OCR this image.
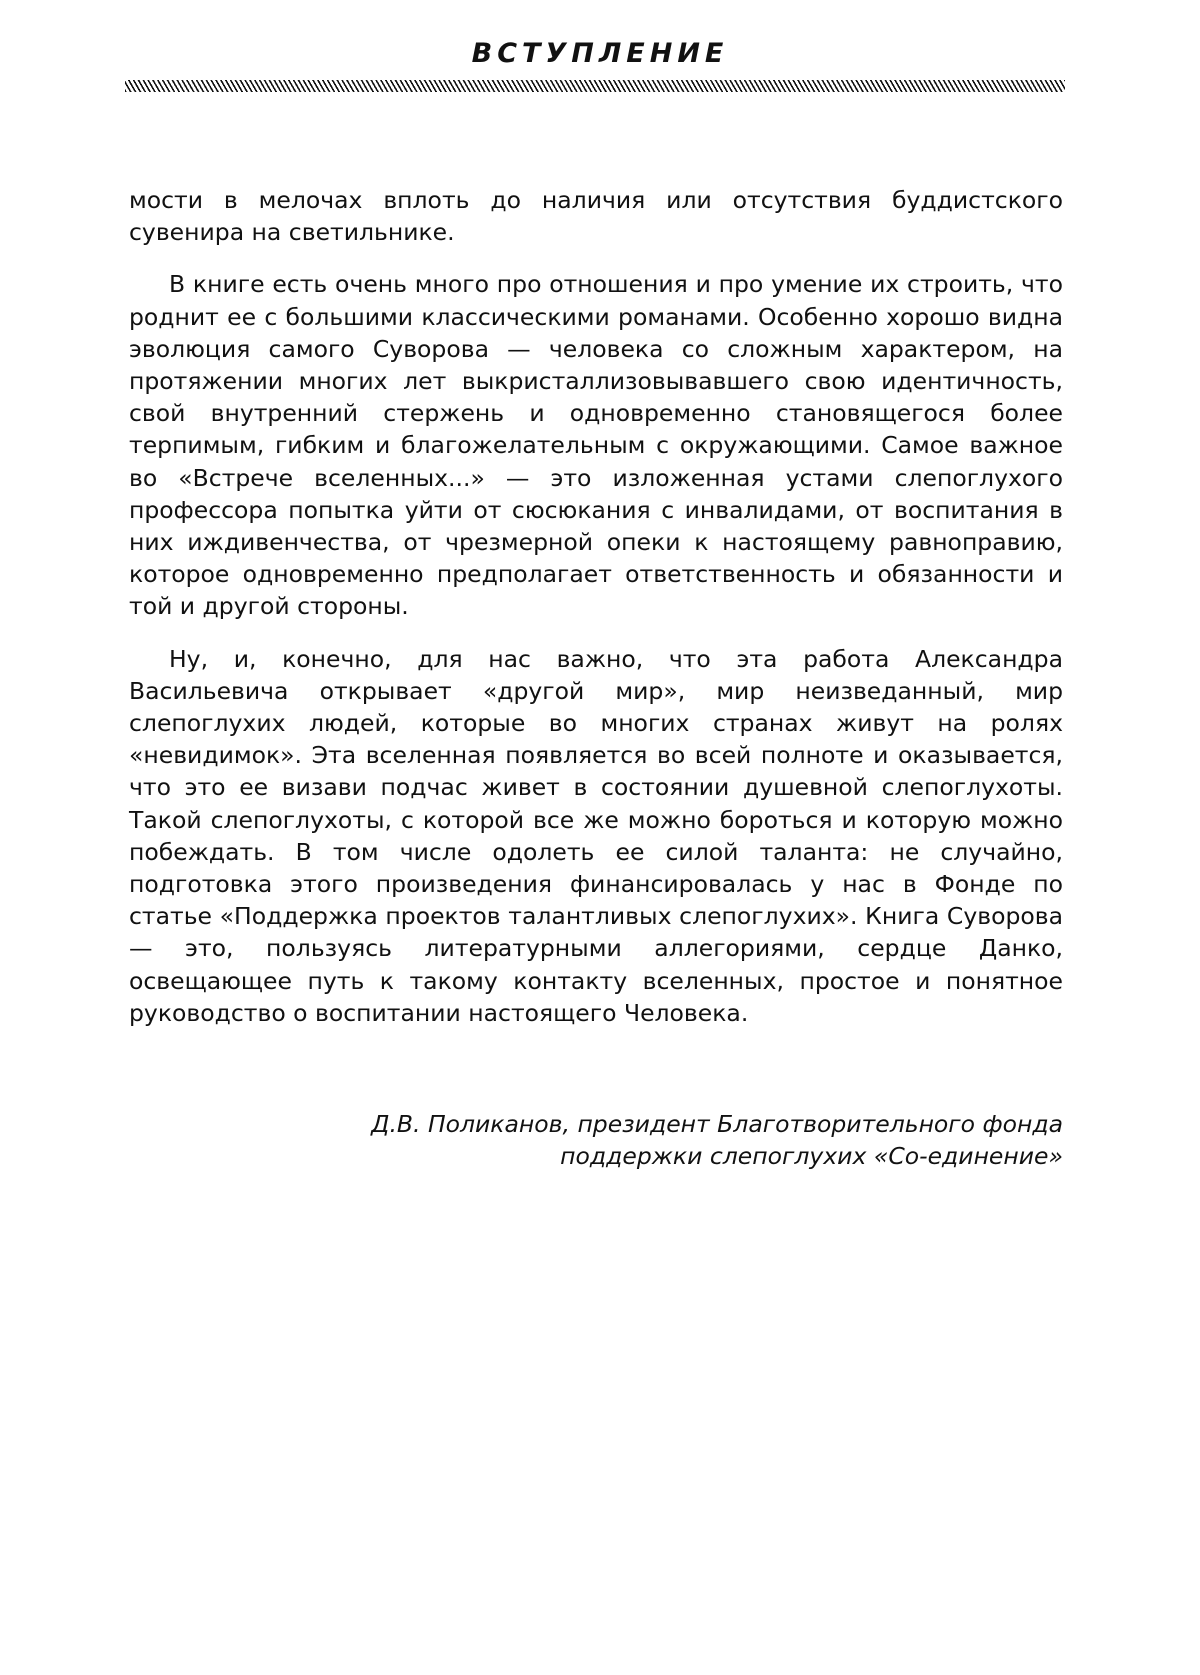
ВСТУПЛЕНИЕ

мости в мелочах вплоть до наличия или отсутствия буддистского сувенира на светильнике.

В книге есть очень много про отношения и про умение их строить, что роднит ее с большими классическими романами. Особенно хорошо видна эволюция самого Суворова — человека со сложным характером, на протяжении многих лет выкристаллизовывавшего свою идентичность, свой внутренний стержень и одновременно становящегося более терпимым, гибким и благожелательным с окружающими. Самое важное во «Встрече вселенных...» — это изложенная устами слепоглухого профессора попытка уйти от сюсюкания с инвалидами, от воспитания в них иждивенчества, от чрезмерной опеки к настоящему равноправию, которое одновременно предполагает ответственность и обязанности и той и другой стороны.

Ну, и, конечно, для нас важно, что эта работа Александра Васильевича открывает «другой мир», мир неизведанный, мир слепоглухих людей, которые во многих странах живут на ролях «невидимок». Эта вселенная появляется во всей полноте и оказывается, что это ее визави подчас живет в состоянии душевной слепоглухоты. Такой слепоглухоты, с которой все же можно бороться и которую можно побеждать. В том числе одолеть ее силой таланта: не случайно, подготовка этого произведения финансировалась у нас в Фонде по статье «Поддержка проектов талантливых слепоглухих». Книга Суворова — это, пользуясь литературными аллегориями, сердце Данко, освещающее путь к такому контакту вселенных, простое и понятное руководство о воспитании настоящего Человека.

Д.В. Поликанов, президент Благотворительного фонда
поддержки слепоглухих «Со-единение»
